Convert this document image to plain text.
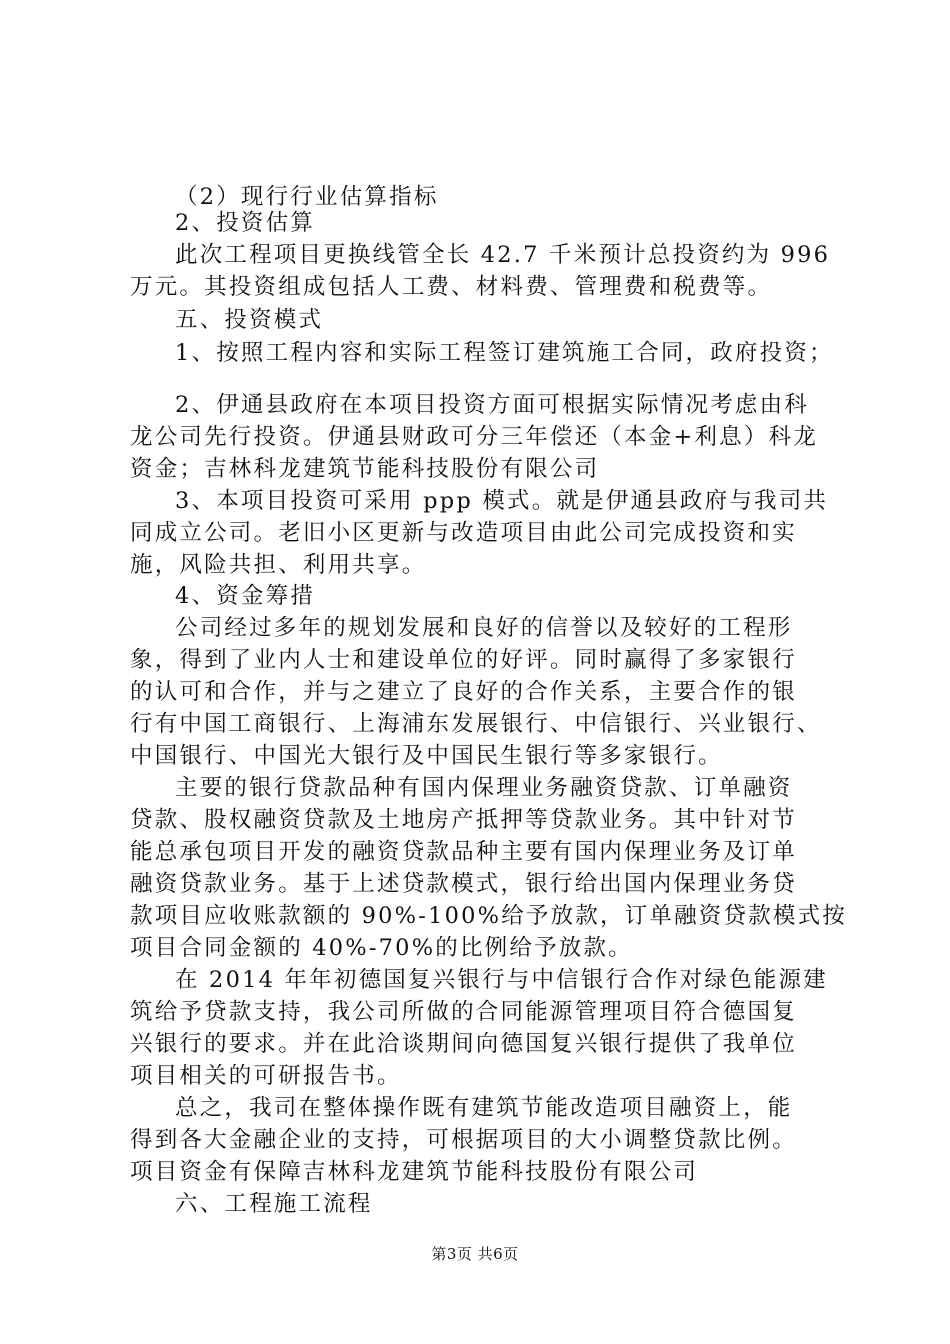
（2）现行行业估算指标
2、投资估算
此次工程项目更换线管全长 42.7 千米预计总投资约为 996
万元。其投资组成包括人工费、材料费、管理费和税费等。
五、投资模式
1、按照工程内容和实际工程签订建筑施工合同，政府投资；
2、伊通县政府在本项目投资方面可根据实际情况考虑由科
龙公司先行投资。伊通县财政可分三年偿还（本金+利息）科龙
资金；吉林科龙建筑节能科技股份有限公司
3、本项目投资可采用 ppp 模式。就是伊通县政府与我司共
同成立公司。老旧小区更新与改造项目由此公司完成投资和实
施，风险共担、利用共享。
4、资金筹措
公司经过多年的规划发展和良好的信誉以及较好的工程形
象，得到了业内人士和建设单位的好评。同时赢得了多家银行
的认可和合作，并与之建立了良好的合作关系，主要合作的银
行有中国工商银行、上海浦东发展银行、中信银行、兴业银行、
中国银行、中国光大银行及中国民生银行等多家银行。
主要的银行贷款品种有国内保理业务融资贷款、订单融资
贷款、股权融资贷款及土地房产抵押等贷款业务。其中针对节
能总承包项目开发的融资贷款品种主要有国内保理业务及订单
融资贷款业务。基于上述贷款模式，银行给出国内保理业务贷
款项目应收账款额的 90%-100%给予放款，订单融资贷款模式按
项目合同金额的 40%-70%的比例给予放款。
在 2014 年年初德国复兴银行与中信银行合作对绿色能源建
筑给予贷款支持，我公司所做的合同能源管理项目符合德国复
兴银行的要求。并在此洽谈期间向德国复兴银行提供了我单位
项目相关的可研报告书。
总之，我司在整体操作既有建筑节能改造项目融资上，能
得到各大金融企业的支持，可根据项目的大小调整贷款比例。
项目资金有保障吉林科龙建筑节能科技股份有限公司
六、工程施工流程
第3页 共6页
